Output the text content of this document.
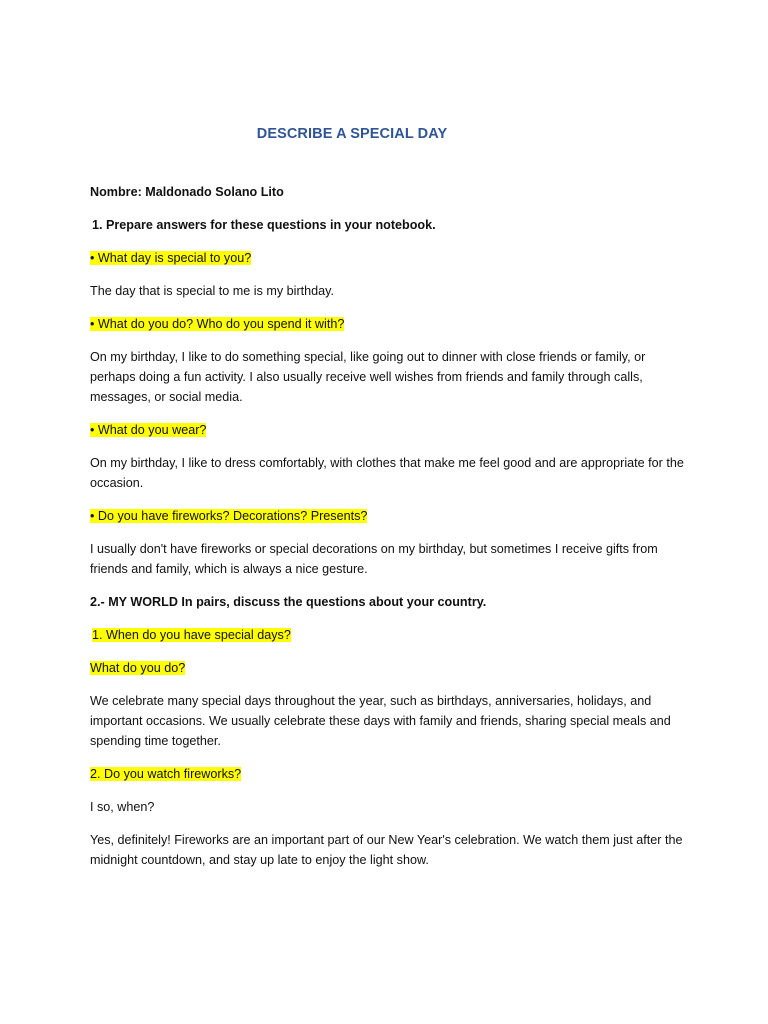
DESCRIBE A SPECIAL DAY

Nombre: Maldonado Solano Lito

1. Prepare answers for these questions in your notebook.

• What day is special to you?

The day that is special to me is my birthday.

• What do you do? Who do you spend it with?

On my birthday, I like to do something special, like going out to dinner with close friends or family, or perhaps doing a fun activity. I also usually receive well wishes from friends and family through calls, messages, or social media.

• What do you wear?

On my birthday, I like to dress comfortably, with clothes that make me feel good and are appropriate for the occasion.

• Do you have fireworks? Decorations? Presents?

I usually don't have fireworks or special decorations on my birthday, but sometimes I receive gifts from friends and family, which is always a nice gesture.

2.- MY WORLD In pairs, discuss the questions about your country.

1. When do you have special days?

What do you do?

We celebrate many special days throughout the year, such as birthdays, anniversaries, holidays, and important occasions. We usually celebrate these days with family and friends, sharing special meals and spending time together.

2. Do you watch fireworks?

I so, when?

Yes, definitely! Fireworks are an important part of our New Year's celebration. We watch them just after the midnight countdown, and stay up late to enjoy the light show.
